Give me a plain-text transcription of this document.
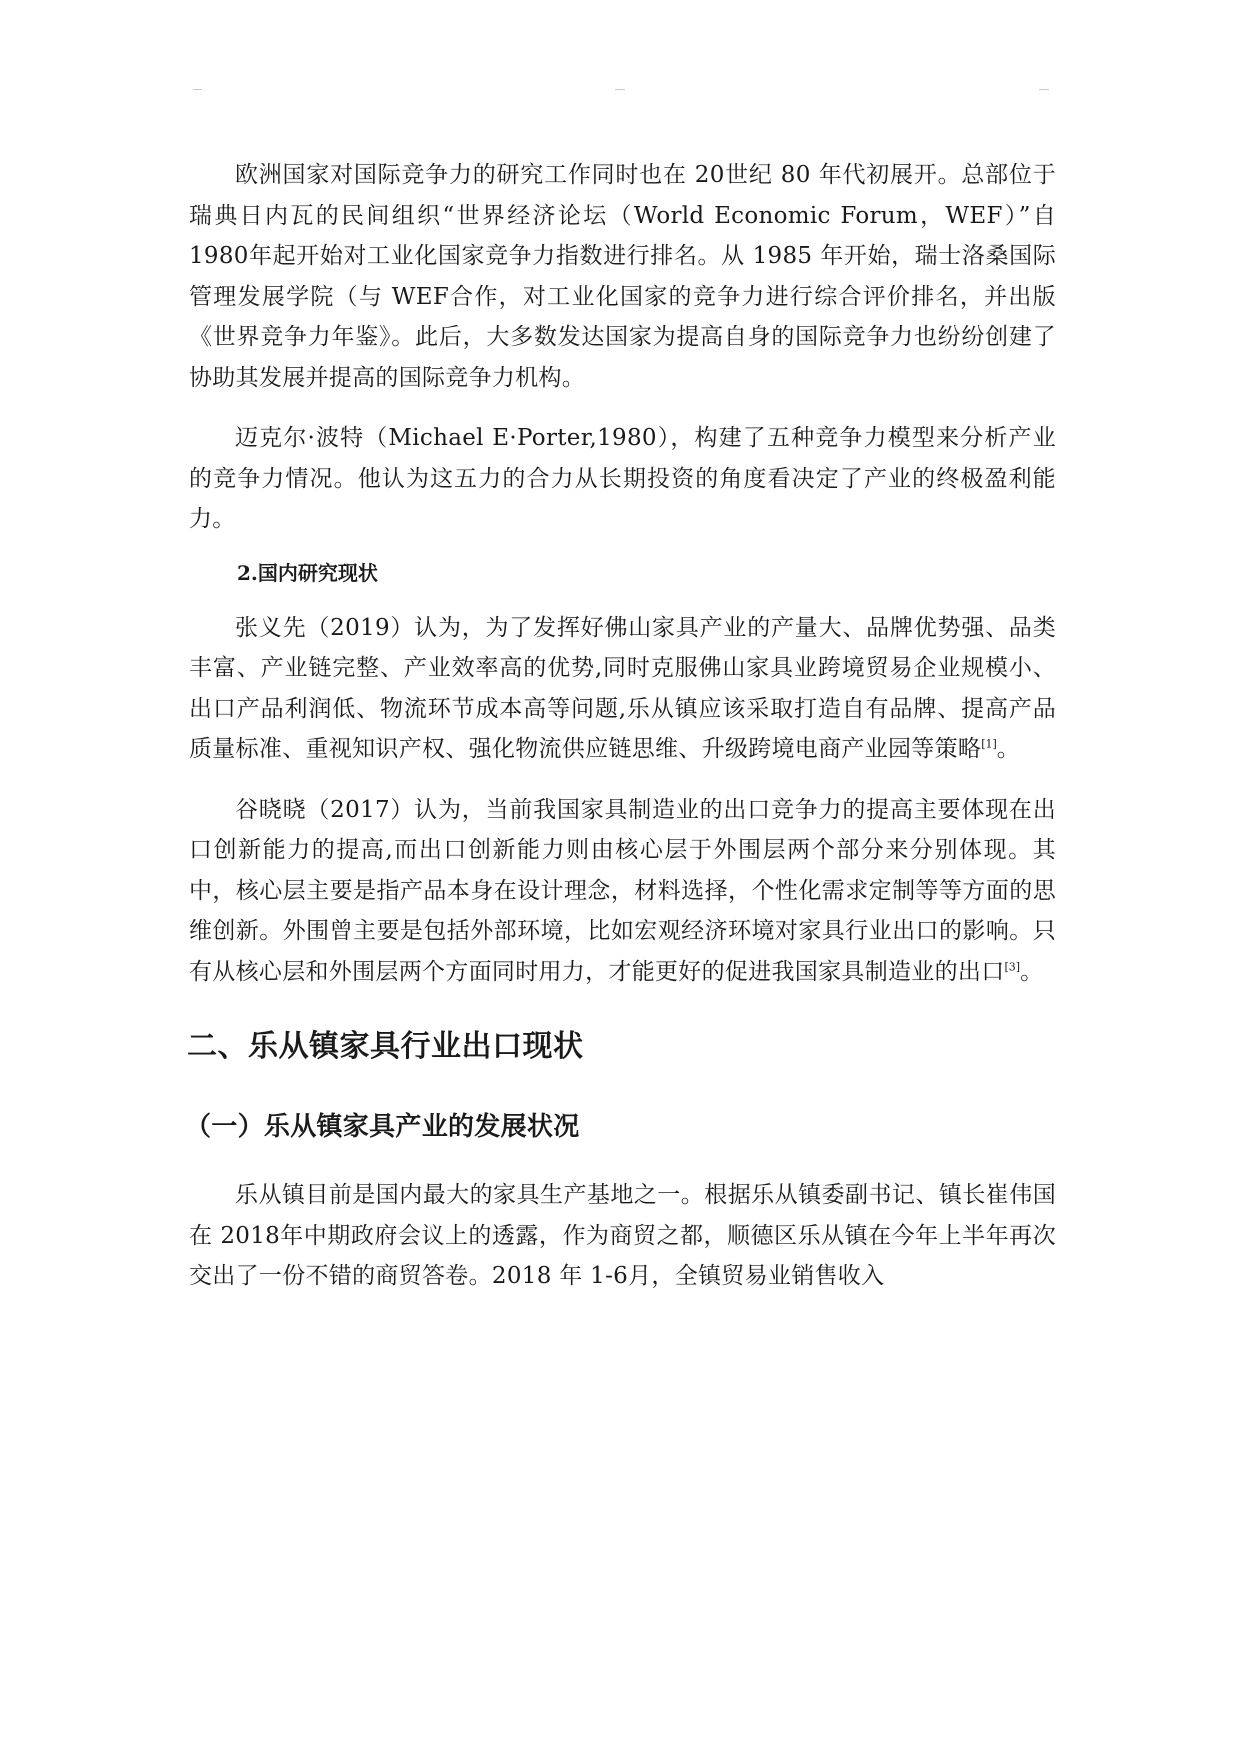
欧洲国家对国际竞争力的研究工作同时也在 20世纪 80 年代初展开。总部位于瑞典日内瓦的民间组织“世界经济论坛（World Economic Forum，WEF）”自 1980年起开始对工业化国家竞争力指数进行排名。从 1985 年开始，瑞士洛桑国际管理发展学院（与 WEF合作，对工业化国家的竞争力进行综合评价排名，并出版《世界竞争力年鉴》。此后，大多数发达国家为提高自身的国际竞争力也纷纷创建了协助其发展并提高的国际竞争力机构。

迈克尔·波特（Michael E·Porter,1980），构建了五种竞争力模型来分析产业的竞争力情况。他认为这五力的合力从长期投资的角度看决定了产业的终极盈利能力。

2.国内研究现状

张义先（2019）认为，为了发挥好佛山家具产业的产量大、品牌优势强、品类丰富、产业链完整、产业效率高的优势,同时克服佛山家具业跨境贸易企业规模小、出口产品利润低、物流环节成本高等问题,乐从镇应该采取打造自有品牌、提高产品质量标准、重视知识产权、强化物流供应链思维、升级跨境电商产业园等策略[1]。

谷晓晓（2017）认为，当前我国家具制造业的出口竞争力的提高主要体现在出口创新能力的提高,而出口创新能力则由核心层于外围层两个部分来分别体现。其中，核心层主要是指产品本身在设计理念，材料选择，个性化需求定制等等方面的思维创新。外围曾主要是包括外部环境，比如宏观经济环境对家具行业出口的影响。只有从核心层和外围层两个方面同时用力，才能更好的促进我国家具制造业的出口[3]。

二、乐从镇家具行业出口现状
（一）乐从镇家具产业的发展状况

乐从镇目前是国内最大的家具生产基地之一。根据乐从镇委副书记、镇长崔伟国在 2018年中期政府会议上的透露，作为商贸之都，顺德区乐从镇在今年上半年再次交出了一份不错的商贸答卷。2018 年 1-6月，全镇贸易业销售收入
